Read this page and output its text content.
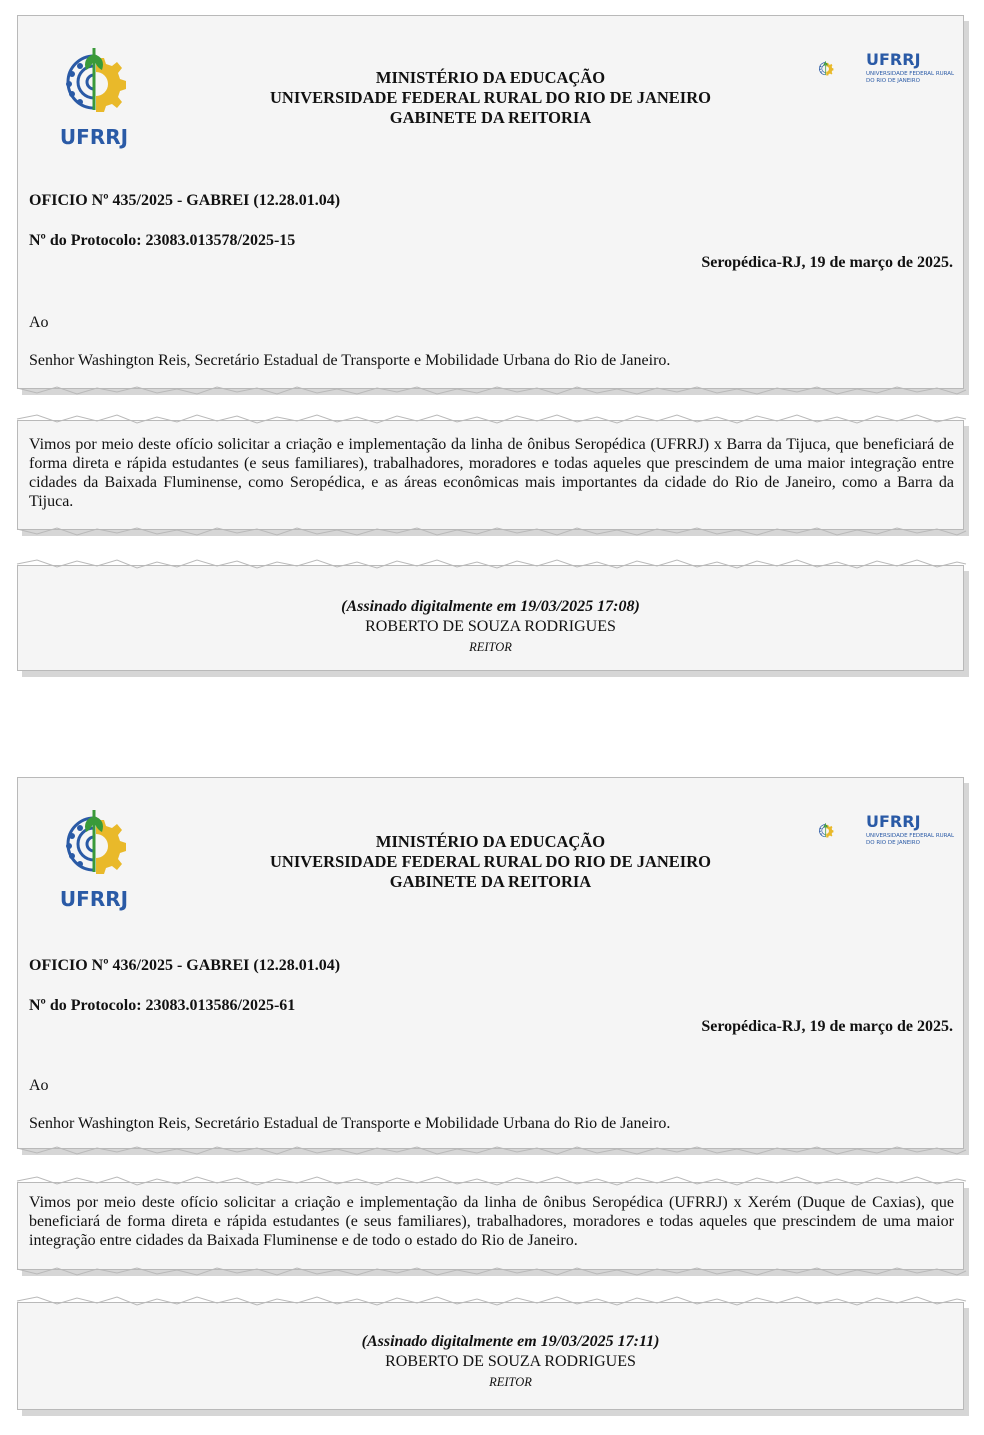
UFRRJ
UNIVERSIDADE FEDERAL RURAL
DO RIO DE JANEIRO
MINISTÉRIO DA EDUCAÇÃO
UNIVERSIDADE FEDERAL RURAL DO RIO DE JANEIRO
GABINETE DA REITORIA
OFICIO Nº 435/2025 - GABREI (12.28.01.04)
Nº do Protocolo: 23083.013578/2025-15
Seropédica-RJ, 19 de março de 2025.
Ao
Senhor Washington Reis, Secretário Estadual de Transporte e Mobilidade Urbana do Rio de Janeiro.
Vimos por meio deste ofício solicitar a criação e implementação da linha de ônibus Seropédica (UFRRJ) x Barra da Tijuca, que beneficiará de forma direta e rápida estudantes (e seus familiares), trabalhadores, moradores e todas aqueles que prescindem de uma maior integração entre cidades da Baixada Fluminense, como Seropédica, e as áreas econômicas mais importantes da cidade do Rio de Janeiro, como a Barra da Tijuca.
(Assinado digitalmente em 19/03/2025 17:08)
ROBERTO DE SOUZA RODRIGUES
REITOR
UFRRJ
UNIVERSIDADE FEDERAL RURAL
DO RIO DE JANEIRO
MINISTÉRIO DA EDUCAÇÃO
UNIVERSIDADE FEDERAL RURAL DO RIO DE JANEIRO
GABINETE DA REITORIA
OFICIO Nº 436/2025 - GABREI (12.28.01.04)
Nº do Protocolo: 23083.013586/2025-61
Seropédica-RJ, 19 de março de 2025.
Ao
Senhor Washington Reis, Secretário Estadual de Transporte e Mobilidade Urbana do Rio de Janeiro.
Vimos por meio deste ofício solicitar a criação e implementação da linha de ônibus Seropédica (UFRRJ) x Xerém (Duque de Caxias), que beneficiará de forma direta e rápida estudantes (e seus familiares), trabalhadores, moradores e todas aqueles que prescindem de uma maior integração entre cidades da Baixada Fluminense e de todo o estado do Rio de Janeiro.
(Assinado digitalmente em 19/03/2025 17:11)
ROBERTO DE SOUZA RODRIGUES
REITOR
